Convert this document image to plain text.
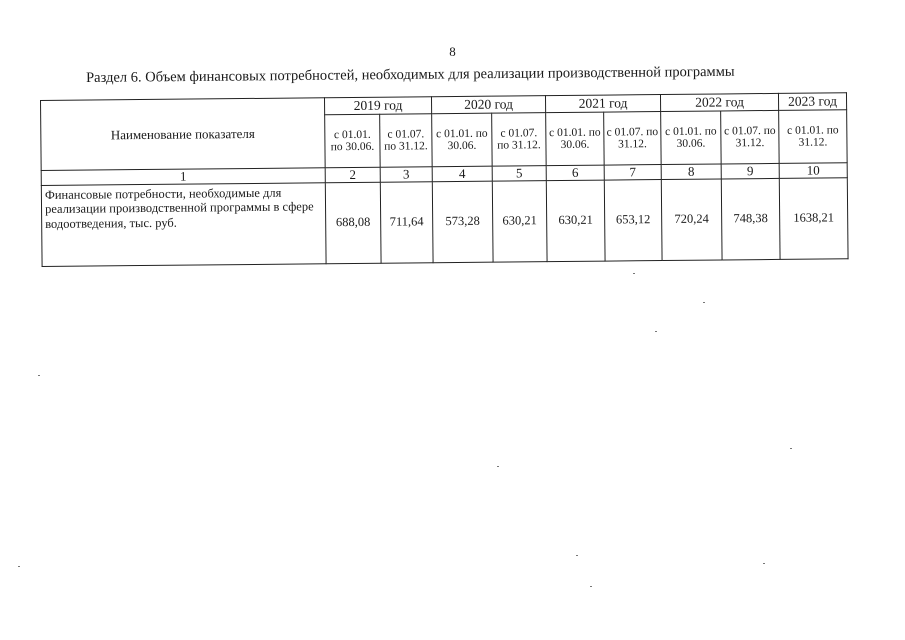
8
Раздел 6. Объем финансовых потребностей, необходимых для реализации производственной программы
Наименование показателя	2019 год		2020 год		2021 год		2022 год		2023 год
	с 01.01. по 30.06.	с 01.07. по 31.12.	с 01.01. по 30.06.	с 01.07. по 31.12.	с 01.01. по 30.06.	с 01.07. по 31.12.	с 01.01. по 30.06.	с 01.07. по 31.12.	с 01.01. по 31.12.
1	2	3	4	5	6	7	8	9	10
Финансовые потребности, необходимые для реализации производственной программы в сфере водоотведения, тыс. руб.	688,08	711,64	573,28	630,21	630,21	653,12	720,24	748,38	1638,21
